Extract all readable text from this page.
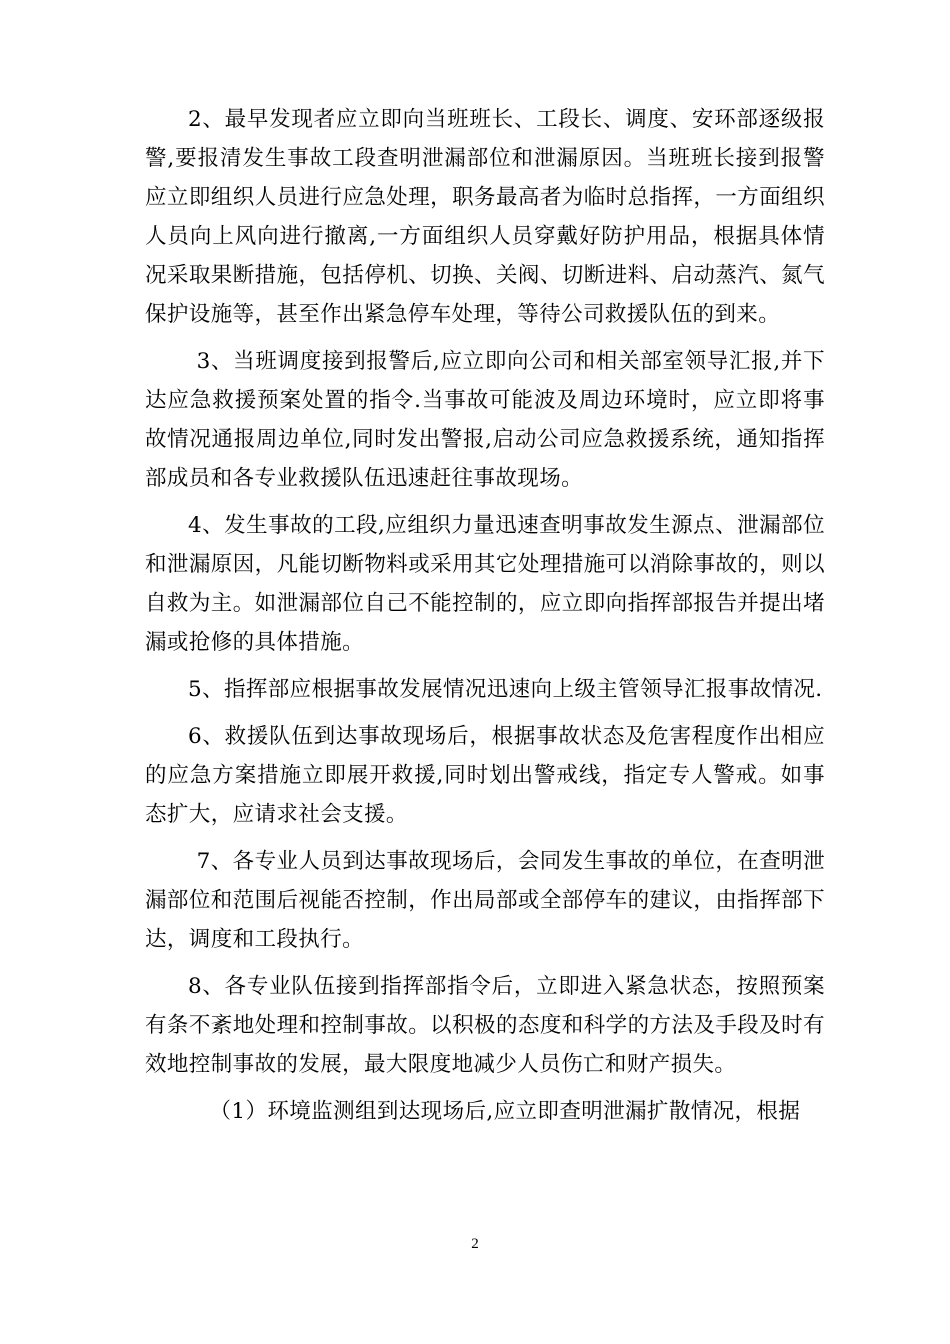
2、最早发现者应立即向当班班长、工段长、调度、安环部逐级报警,要报清发生事故工段查明泄漏部位和泄漏原因。当班班长接到报警应立即组织人员进行应急处理，职务最高者为临时总指挥，一方面组织人员向上风向进行撤离,一方面组织人员穿戴好防护用品，根据具体情况采取果断措施，包括停机、切换、关阀、切断进料、启动蒸汽、氮气保护设施等，甚至作出紧急停车处理，等待公司救援队伍的到来。

3、当班调度接到报警后,应立即向公司和相关部室领导汇报,并下达应急救援预案处置的指令.当事故可能波及周边环境时，应立即将事故情况通报周边单位,同时发出警报,启动公司应急救援系统，通知指挥部成员和各专业救援队伍迅速赶往事故现场。

4、发生事故的工段,应组织力量迅速查明事故发生源点、泄漏部位和泄漏原因，凡能切断物料或采用其它处理措施可以消除事故的，则以自救为主。如泄漏部位自己不能控制的，应立即向指挥部报告并提出堵漏或抢修的具体措施。

5、指挥部应根据事故发展情况迅速向上级主管领导汇报事故情况.

6、救援队伍到达事故现场后，根据事故状态及危害程度作出相应的应急方案措施立即展开救援,同时划出警戒线，指定专人警戒。如事态扩大，应请求社会支援。

7、各专业人员到达事故现场后，会同发生事故的单位，在查明泄漏部位和范围后视能否控制，作出局部或全部停车的建议，由指挥部下达，调度和工段执行。

8、各专业队伍接到指挥部指令后，立即进入紧急状态，按照预案有条不紊地处理和控制事故。以积极的态度和科学的方法及手段及时有效地控制事故的发展，最大限度地减少人员伤亡和财产损失。

（1）环境监测组到达现场后,应立即查明泄漏扩散情况，根据

2
